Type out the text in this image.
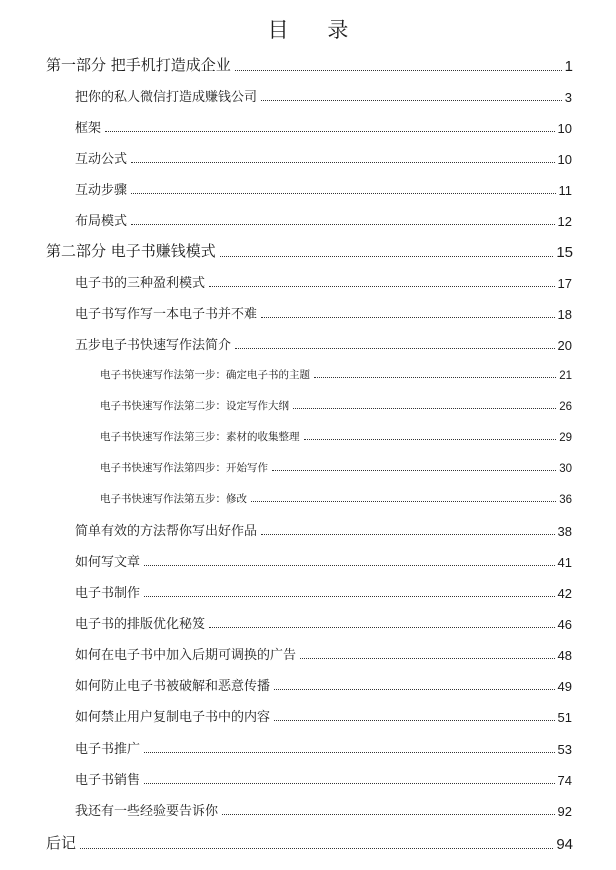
目 录
第一部分 把手机打造成企业	1
把你的私人微信打造成赚钱公司	3
框架	10
互动公式	10
互动步骤	11
布局模式	12
第二部分 电子书赚钱模式	15
电子书的三种盈利模式	17
电子书写作写一本电子书并不难	18
五步电子书快速写作法简介	20
电子书快速写作法第一步：确定电子书的主题	21
电子书快速写作法第二步：设定写作大纲	26
电子书快速写作法第三步：素材的收集整理	29
电子书快速写作法第四步：开始写作	30
电子书快速写作法第五步：修改	36
简单有效的方法帮你写出好作品	38
如何写文章	41
电子书制作	42
电子书的排版优化秘笈	46
如何在电子书中加入后期可调换的广告	48
如何防止电子书被破解和恶意传播	49
如何禁止用户复制电子书中的内容	51
电子书推广	53
电子书销售	74
我还有一些经验要告诉你	92
后记	94
